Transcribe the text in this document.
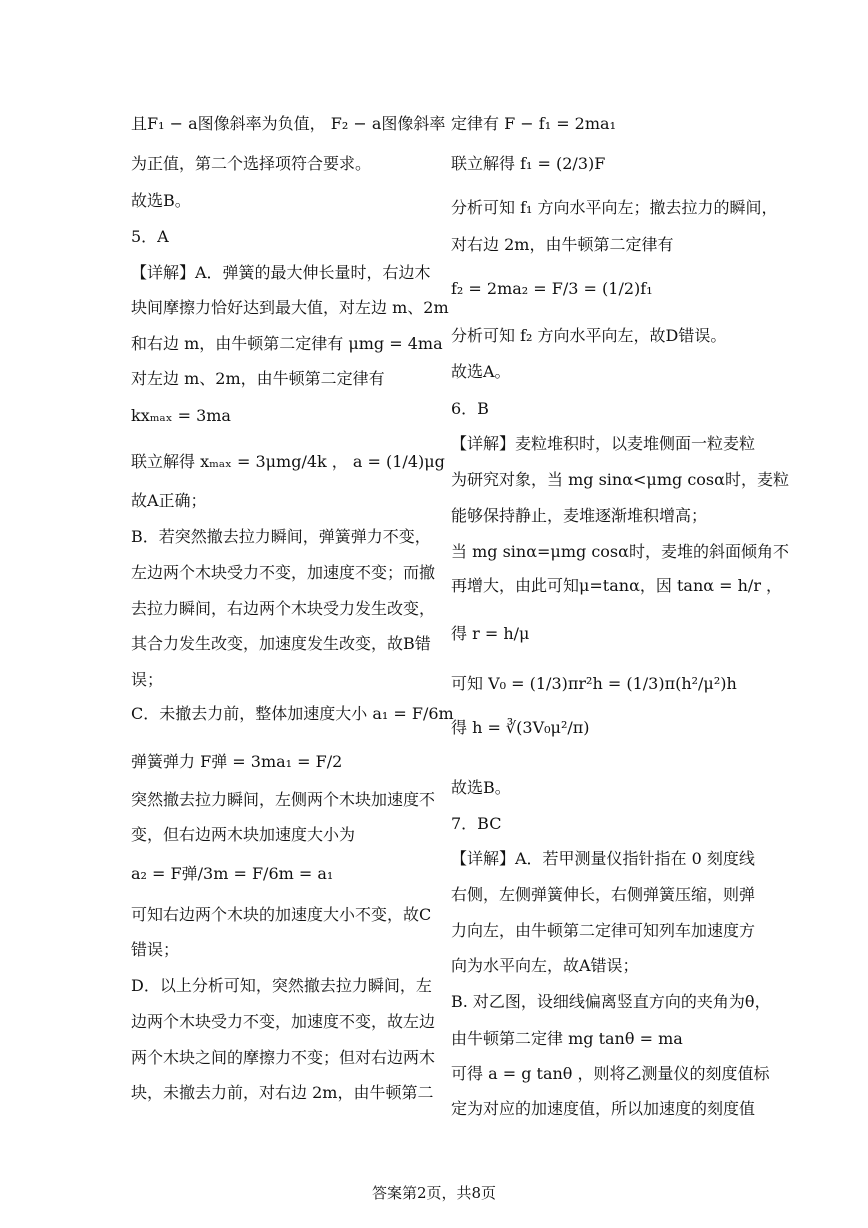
且F₁ − a图像斜率为负值， F₂ − a图像斜率
为正值，第二个选择项符合要求。
故选B。
5．A
【详解】A．弹簧的最大伸长量时，右边木
块间摩擦力恰好达到最大值，对左边 m、2m
和右边 m，由牛顿第二定律有 μmg = 4ma
对左边 m、2m，由牛顿第二定律有
kxₘₐₓ = 3ma
联立解得 xₘₐₓ = 3μmg/4k ， a = (1/4)μg
故A正确；
B．若突然撤去拉力瞬间，弹簧弹力不变，
左边两个木块受力不变，加速度不变；而撤
去拉力瞬间，右边两个木块受力发生改变，
其合力发生改变，加速度发生改变，故B错
误；
C．未撤去力前，整体加速度大小 a₁ = F/6m
弹簧弹力 F弹 = 3ma₁ = F/2
突然撤去拉力瞬间，左侧两个木块加速度不
变，但右边两木块加速度大小为
a₂ = F弹/3m = F/6m = a₁
可知右边两个木块的加速度大小不变，故C
错误；
D．以上分析可知，突然撤去拉力瞬间，左
边两个木块受力不变，加速度不变，故左边
两个木块之间的摩擦力不变；但对右边两木
块，未撤去力前，对右边 2m，由牛顿第二
定律有 F − f₁ = 2ma₁
联立解得 f₁ = (2/3)F
分析可知 f₁ 方向水平向左；撤去拉力的瞬间，
对右边 2m，由牛顿第二定律有
f₂ = 2ma₂ = F/3 = (1/2)f₁
分析可知 f₂ 方向水平向左，故D错误。
故选A。
6．B
【详解】麦粒堆积时，以麦堆侧面一粒麦粒
为研究对象，当 mg sinα<μmg cosα时，麦粒
能够保持静止，麦堆逐渐堆积增高；
当 mg sinα=μmg cosα时，麦堆的斜面倾角不
再增大，由此可知μ=tanα，因 tanα = h/r ，
得 r = h/μ
可知 V₀ = (1/3)πr²h = (1/3)π(h²/μ²)h
得 h = ∛(3V₀μ²/π)
故选B。
7．BC
【详解】A．若甲测量仪指针指在 0 刻度线
右侧，左侧弹簧伸长，右侧弹簧压缩，则弹
力向左，由牛顿第二定律可知列车加速度方
向为水平向左，故A错误；
B. 对乙图，设细线偏离竖直方向的夹角为θ，
由牛顿第二定律 mg tanθ = ma
可得 a = g tanθ ，则将乙测量仪的刻度值标
定为对应的加速度值，所以加速度的刻度值
答案第2页，共8页
